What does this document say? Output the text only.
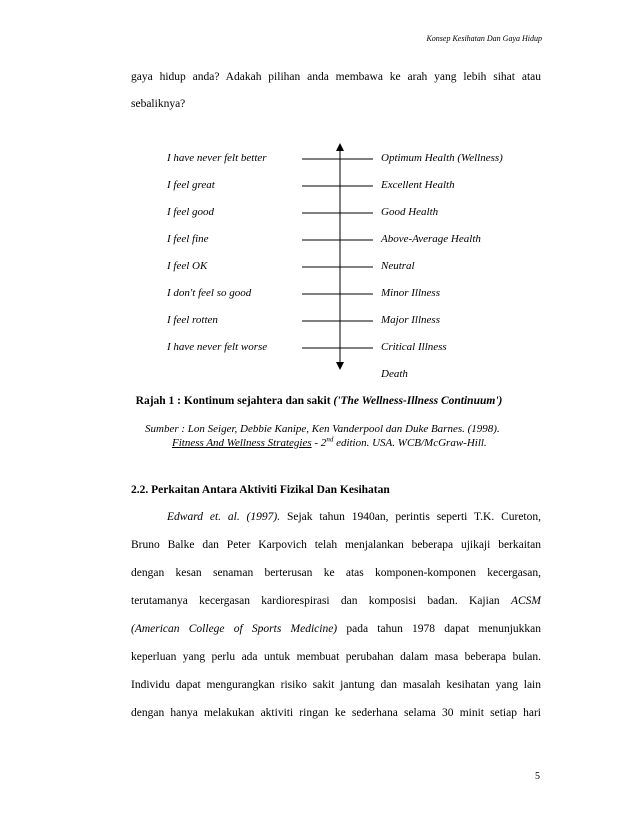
Konsep Kesihatan Dan Gaya Hidup
gaya hidup anda? Adakah pilihan anda membawa ke arah yang lebih sihat atau
sebaliknya?
I have never felt better
I feel great
I feel good
I feel fine
I feel OK
I don't feel so good
I feel rotten
I have never felt worse
Optimum Health (Wellness)
Excellent Health
Good Health
Above-Average Health
Neutral
Minor Illness
Major Illness
Critical Illness
Death
Rajah 1 : Kontinum sejahtera dan sakit ('The Wellness-Illness Continuum')
Sumber : Lon Seiger, Debbie Kanipe, Ken Vanderpool dan Duke Barnes. (1998).
Fitness And Wellness Strategies - 2nd edition. USA. WCB/McGraw-Hill.
2.2. Perkaitan Antara Aktiviti Fizikal Dan Kesihatan
Edward et. al. (1997). Sejak tahun 1940an, perintis seperti T.K. Cureton,
Bruno Balke dan Peter Karpovich telah menjalankan beberapa ujikaji berkaitan
dengan kesan senaman berterusan ke atas komponen-komponen kecergasan,
terutamanya kecergasan kardiorespirasi dan komposisi badan. Kajian ACSM
(American College of Sports Medicine) pada tahun 1978 dapat menunjukkan
keperluan yang perlu ada untuk membuat perubahan dalam masa beberapa bulan.
Individu dapat mengurangkan risiko sakit jantung dan masalah kesihatan yang lain
dengan hanya melakukan aktiviti ringan ke sederhana selama 30 minit setiap hari
5
